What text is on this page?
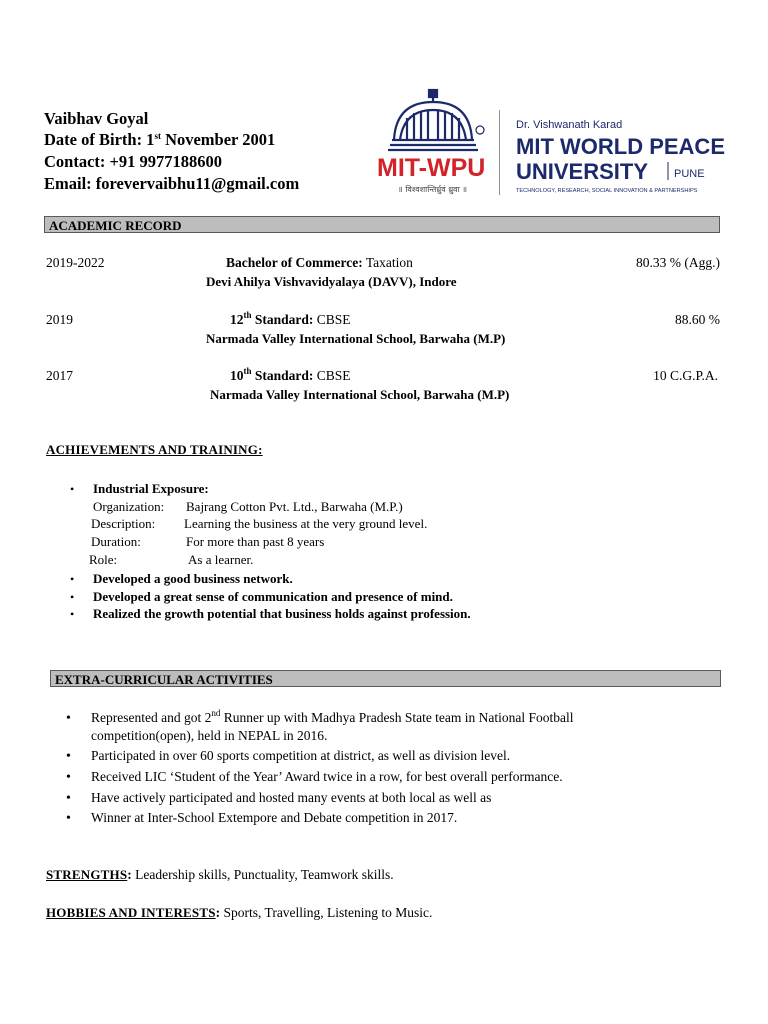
Vaibhav Goyal
Date of Birth: 1st November 2001
Contact: +91 9977188600
Email: forevervaibhu11@gmail.com
MIT-WPU
॥ विश्वशान्तिर्ध्रुवं ध्रुवा ॥
Dr. Vishwanath Karad
MIT WORLD PEACE
UNIVERSITY PUNE
TECHNOLOGY, RESEARCH, SOCIAL INNOVATION & PARTNERSHIPS
ACADEMIC RECORD
2019-2022	Bachelor of Commerce: Taxation
Devi Ahilya Vishvavidyalaya (DAVV), Indore
80.33 % (Agg.)
2019	12th Standard: CBSE
Narmada Valley International School, Barwaha (M.P)
88.60 %
2017	10th Standard: CBSE
Narmada Valley International School, Barwaha (M.P)
10 C.G.P.A.
ACHIEVEMENTS AND TRAINING:
• Industrial Exposure:
Organization: Bajrang Cotton Pvt. Ltd., Barwaha (M.P.)
Description: Learning the business at the very ground level.
Duration:	For more than past 8 years
Role:	As a learner.
• Developed a good business network.
• Developed a great sense of communication and presence of mind.
• Realized the growth potential that business holds against profession.
EXTRA-CURRICULAR ACTIVITIES
• Represented and got 2nd Runner up with Madhya Pradesh State team in National Football
competition(open), held in NEPAL in 2016.
• Participated in over 60 sports competition at district, as well as division level.
• Received LIC ‘Student of the Year’ Award twice in a row, for best overall performance.
• Have actively participated and hosted many events at both local as well as
• Winner at Inter-School Extempore and Debate competition in 2017.
STRENGTHS: Leadership skills, Punctuality, Teamwork skills.
HOBBIES AND INTERESTS: Sports, Travelling, Listening to Music.
